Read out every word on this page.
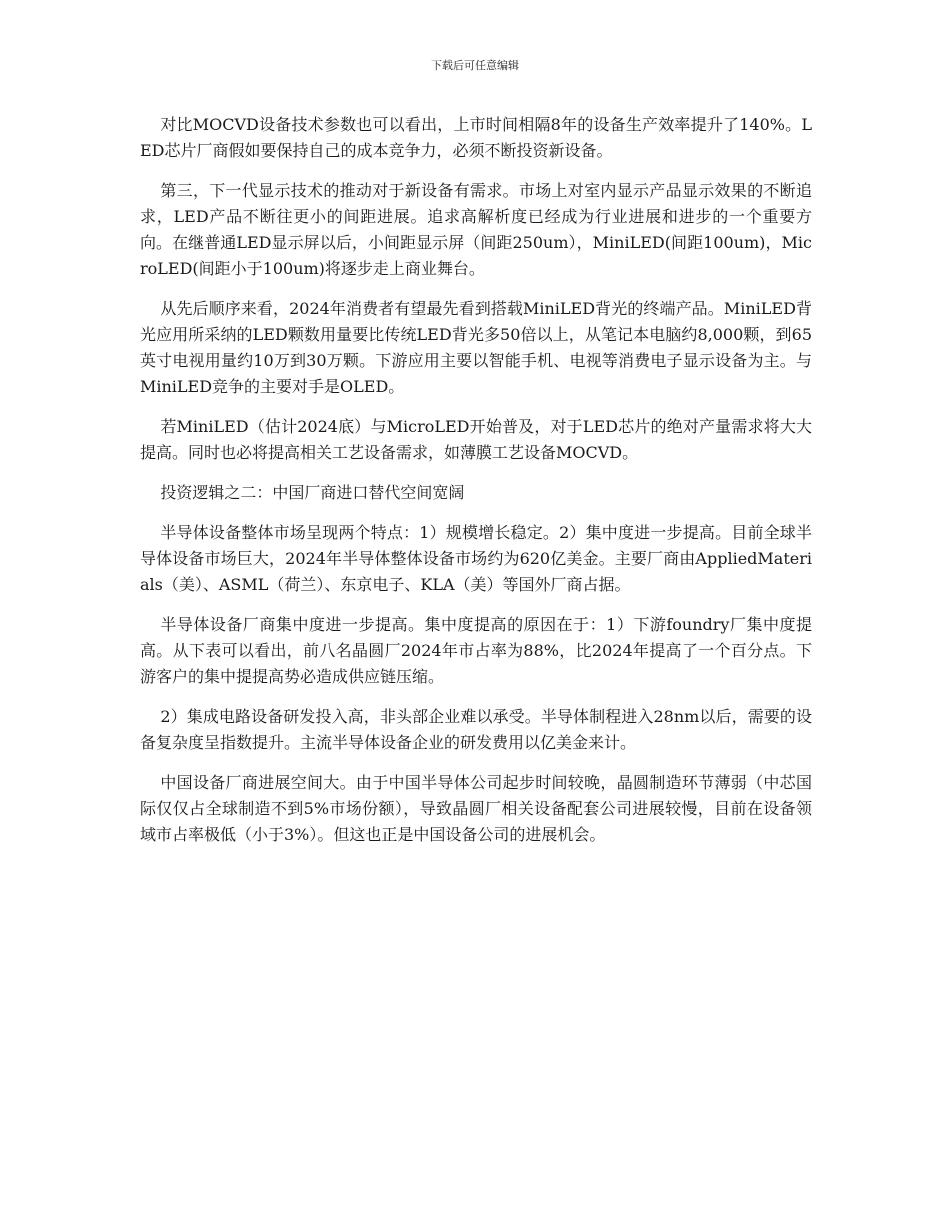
下载后可任意编辑

对比MOCVD设备技术参数也可以看出，上市时间相隔8年的设备生产效率提升了140%。LED芯片厂商假如要保持自己的成本竞争力，必须不断投资新设备。

第三，下一代显示技术的推动对于新设备有需求。市场上对室内显示产品显示效果的不断追求，LED产品不断往更小的间距进展。追求高解析度已经成为行业进展和进步的一个重要方向。在继普通LED显示屏以后，小间距显示屏（间距250um），MiniLED(间距100um)，MicroLED(间距小于100um)将逐步走上商业舞台。

从先后顺序来看，2024年消费者有望最先看到搭载MiniLED背光的终端产品。MiniLED背光应用所采纳的LED颗数用量要比传统LED背光多50倍以上，从笔记本电脑约8,000颗，到65英寸电视用量约10万到30万颗。下游应用主要以智能手机、电视等消费电子显示设备为主。与MiniLED竞争的主要对手是OLED。

若MiniLED（估计2024底）与MicroLED开始普及，对于LED芯片的绝对产量需求将大大提高。同时也必将提高相关工艺设备需求，如薄膜工艺设备MOCVD。

投资逻辑之二：中国厂商进口替代空间宽阔

半导体设备整体市场呈现两个特点：1）规模增长稳定。2）集中度进一步提高。目前全球半导体设备市场巨大，2024年半导体整体设备市场约为620亿美金。主要厂商由AppliedMaterials（美）、ASML（荷兰）、东京电子、KLA（美）等国外厂商占据。

半导体设备厂商集中度进一步提高。集中度提高的原因在于：1）下游foundry厂集中度提高。从下表可以看出，前八名晶圆厂2024年市占率为88%，比2024年提高了一个百分点。下游客户的集中提提高势必造成供应链压缩。

2）集成电路设备研发投入高，非头部企业难以承受。半导体制程进入28nm以后，需要的设备复杂度呈指数提升。主流半导体设备企业的研发费用以亿美金来计。

中国设备厂商进展空间大。由于中国半导体公司起步时间较晚，晶圆制造环节薄弱（中芯国际仅仅占全球制造不到5%市场份额），导致晶圆厂相关设备配套公司进展较慢，目前在设备领域市占率极低（小于3%）。但这也正是中国设备公司的进展机会。
